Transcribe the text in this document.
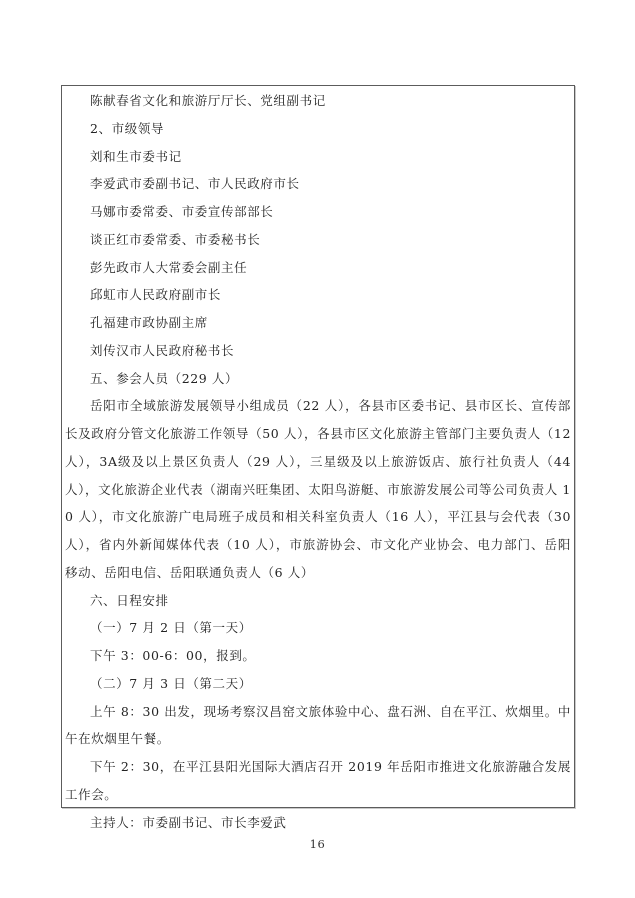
陈献春省文化和旅游厅厅长、党组副书记

2、市级领导

刘和生市委书记

李爱武市委副书记、市人民政府市长

马娜市委常委、市委宣传部部长

谈正红市委常委、市委秘书长

彭先政市人大常委会副主任

邱虹市人民政府副市长

孔福建市政协副主席

刘传汉市人民政府秘书长

五、参会人员（229 人）

岳阳市全域旅游发展领导小组成员（22 人），各县市区委书记、县市区长、宣传部长及政府分管文化旅游工作领导（50 人），各县市区文化旅游主管部门主要负责人（12 人），3A级及以上景区负责人（29 人），三星级及以上旅游饭店、旅行社负责人（44 人），文化旅游企业代表（湖南兴旺集团、太阳鸟游艇、市旅游发展公司等公司负责人 10 人），市文化旅游广电局班子成员和相关科室负责人（16 人），平江县与会代表（30 人），省内外新闻媒体代表（10 人），市旅游协会、市文化产业协会、电力部门、岳阳移动、岳阳电信、岳阳联通负责人（6 人）

六、日程安排

（一）7 月 2 日（第一天）

下午 3：00-6：00，报到。

（二）7 月 3 日（第二天）

上午 8：30 出发，现场考察汉昌窑文旅体验中心、盘石洲、自在平江、炊烟里。中午在炊烟里午餐。

下午 2：30，在平江县阳光国际大酒店召开 2019 年岳阳市推进文化旅游融合发展工作会。

主持人：市委副书记、市长李爱武

16
